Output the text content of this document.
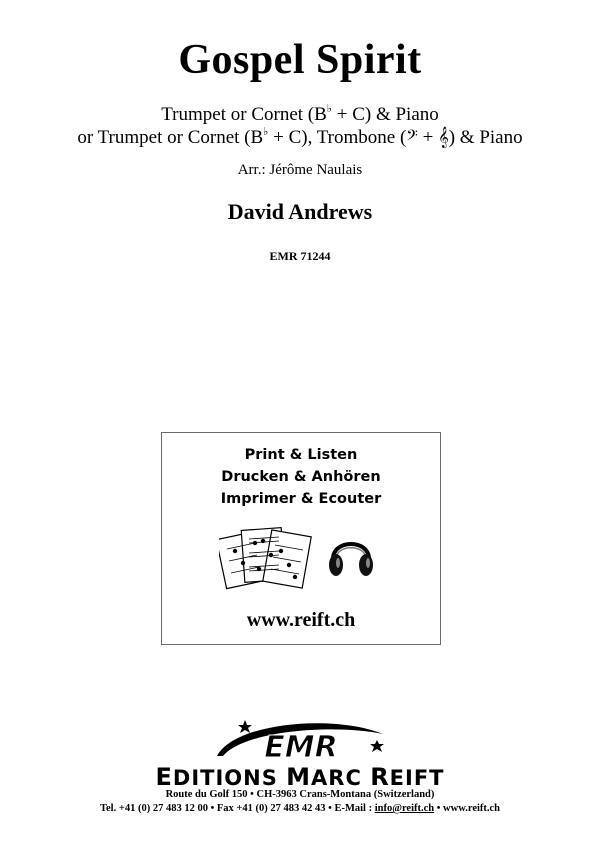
Gospel Spirit
Trumpet or Cornet (B♭ + C) & Piano
or Trumpet or Cornet (B♭ + C), Trombone (𝄢 + 𝄞) & Piano
Arr.: Jérôme Naulais
David Andrews
EMR 71244
Print & Listen
Drucken & Anhören
Imprimer & Ecouter
www.reift.ch
EMR
EDITIONS MARC REIFT
Route du Golf 150 • CH-3963 Crans-Montana (Switzerland)
Tel. +41 (0) 27 483 12 00 • Fax +41 (0) 27 483 42 43 • E-Mail : info@reift.ch • www.reift.ch
